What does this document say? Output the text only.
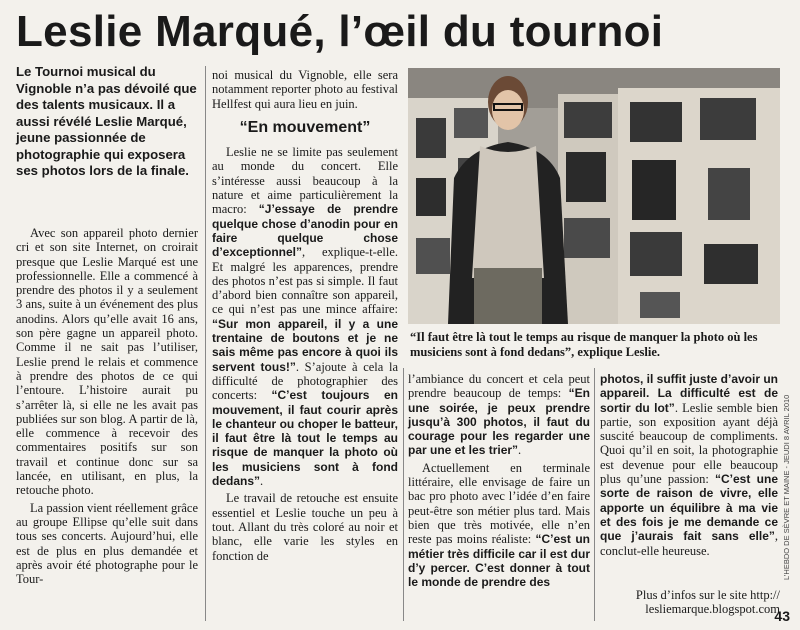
Leslie Marqué, l’œil du tournoi
Le Tournoi musical du Vignoble n’a pas dévoilé que des talents musicaux. Il a aussi révélé Leslie Marqué, jeune passionnée de photographie qui exposera ses photos lors de la finale.

Avec son appareil photo dernier cri et son site Internet, on croirait presque que Leslie Marqué est une professionnelle. Elle a commencé à prendre des photos il y a seulement 3 ans, suite à un événement des plus anodins. Alors qu’elle avait 16 ans, son père gagne un appareil photo. Comme il ne sait pas l’utiliser, Leslie prend le relais et commence à prendre des photos de ce qui l’entoure. L’histoire aurait pu s’arrêter là, si elle ne les avait pas publiées sur son blog. A partir de là, elle commence à recevoir des commentaires positifs sur son travail et continue donc sur sa lancée, en utilisant, en plus, la retouche photo.

La passion vient réellement grâce au groupe Ellipse qu’elle suit dans tous ses concerts. Aujourd’hui, elle est de plus en plus demandée et après avoir été photographe pour le Tour-

noi musical du Vignoble, elle sera notamment reporter photo au festival Hellfest qui aura lieu en juin.

“En mouvement”

Leslie ne se limite pas seulement au monde du concert. Elle s’intéresse aussi beaucoup à la nature et aime particulièrement la macro: “J’essaye de prendre quelque chose d’anodin pour en faire quelque chose d’exceptionnel”, explique-t-elle. Et malgré les apparences, prendre des photos n’est pas si simple. Il faut d’abord bien connaître son appareil, ce qui n’est pas une mince affaire: “Sur mon appareil, il y a une trentaine de boutons et je ne sais même pas encore à quoi ils servent tous!”. S’ajoute à cela la difficulté de photographier des concerts: “C’est toujours en mouvement, il faut courir après le chanteur ou choper le batteur, il faut être là tout le temps au risque de manquer la photo où les musiciens sont à fond dedans”.

Le travail de retouche est ensuite essentiel et Leslie touche un peu à tout. Allant du très coloré au noir et blanc, elle varie les styles en fonction de

“Il faut être là tout le temps au risque de manquer la photo où les musiciens sont à fond dedans”, explique Leslie.

l’ambiance du concert et cela peut prendre beaucoup de temps: “En une soirée, je peux prendre jusqu’à 300 photos, il faut du courage pour les regarder une par une et les trier”.

Actuellement en terminale littéraire, elle envisage de faire un bac pro photo avec l’idée d’en faire peut-être son métier plus tard. Mais bien que très motivée, elle n’en reste pas moins réaliste: “C’est un métier très difficile car il est dur d’y percer. C’est donner à tout le monde de prendre des

photos, il suffit juste d’avoir un appareil. La difficulté est de sortir du lot”. Leslie semble bien partie, son exposition ayant déjà suscité beaucoup de compliments. Quoi qu’il en soit, la photographie est devenue pour elle beaucoup plus qu’une passion: “C’est une sorte de raison de vivre, elle apporte un équilibre à ma vie et des fois je me demande ce que j’aurais fait sans elle”, conclut-elle heureuse.

Plus d’infos sur le site http:// lesliemarque.blogspot.com
L’HEBDO DE SÈVRE ET MAINE - JEUDI 8 AVRIL 2010
43
